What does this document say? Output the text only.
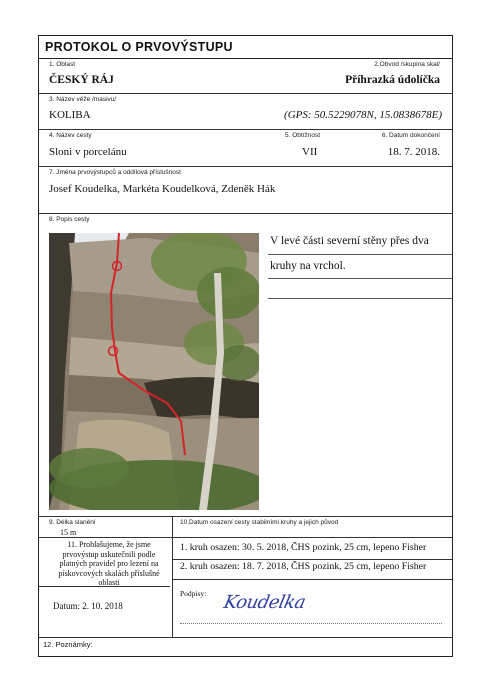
PROTOKOL O PRVOVÝSTUPU
1. Oblast	2.Obvod /skupina skal/
ČESKÝ RÁJ	Příhrazká údolíčka
3. Název věže /masivu/
KOLIBA	(GPS: 50.5229078N, 15.0838678E)
4. Název cesty	5. Obtížnost	6. Datum dokončení
Sloni v porcelánu	VII	18. 7. 2018.
7. Jména prvovýstupců a oddílová příslušnost
Josef Koudelka, Markéta Koudelková, Zdeněk Hák
8. Popis cesty
V levé části severní stěny přes dva
kruhy na vrchol.
9. Délka slanění
15 m
10.Datum osazení cesty stabilními kruhy a jejich původ
11. Prohlašujeme, že jsme
prvovýstup uskutečnili podle
platných pravidel pro lezení na
pískovcových skalách příslušné
oblasti
1. kruh osazen: 30. 5. 2018, ČHS pozink, 25 cm, lepeno Fisher
2. kruh osazen: 18. 7. 2018, ČHS pozink, 25 cm, lepeno Fisher
Datum: 2. 10. 2018
Podpisy: Koudelka
12. Poznámky:
